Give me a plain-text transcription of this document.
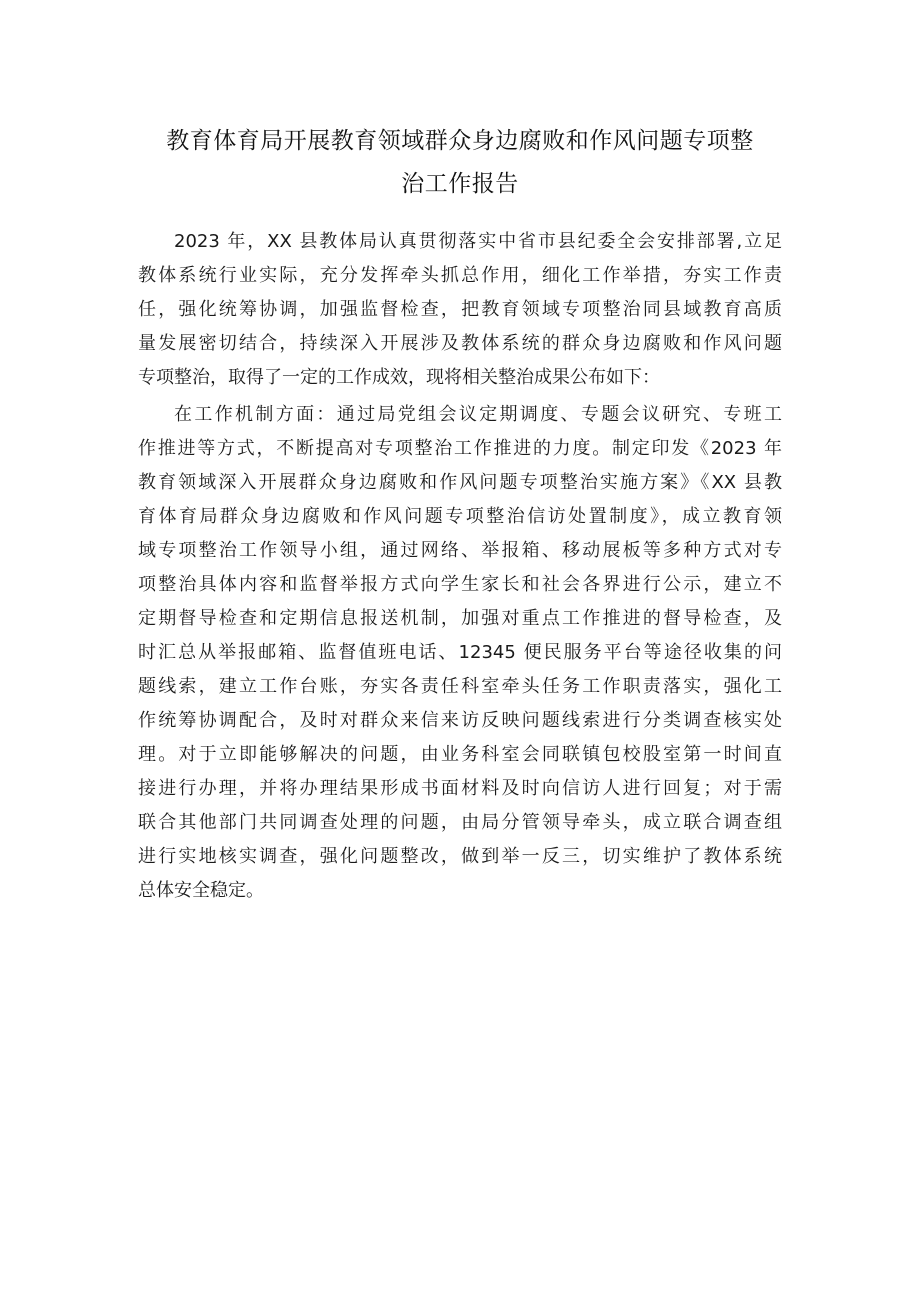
教育体育局开展教育领域群众身边腐败和作风问题专项整
治工作报告

2023 年，XX 县教体局认真贯彻落实中省市县纪委全会安排部署,立足
教体系统行业实际，充分发挥牵头抓总作用，细化工作举措，夯实工作责
任，强化统筹协调，加强监督检查，把教育领域专项整治同县域教育高质
量发展密切结合，持续深入开展涉及教体系统的群众身边腐败和作风问题
专项整治，取得了一定的工作成效，现将相关整治成果公布如下：

在工作机制方面：通过局党组会议定期调度、专题会议研究、专班工
作推进等方式，不断提高对专项整治工作推进的力度。制定印发《2023 年
教育领域深入开展群众身边腐败和作风问题专项整治实施方案》《XX 县教
育体育局群众身边腐败和作风问题专项整治信访处置制度》，成立教育领
域专项整治工作领导小组，通过网络、举报箱、移动展板等多种方式对专
项整治具体内容和监督举报方式向学生家长和社会各界进行公示，建立不
定期督导检查和定期信息报送机制，加强对重点工作推进的督导检查，及
时汇总从举报邮箱、监督值班电话、12345 便民服务平台等途径收集的问
题线索，建立工作台账，夯实各责任科室牵头任务工作职责落实，强化工
作统筹协调配合，及时对群众来信来访反映问题线索进行分类调查核实处
理。对于立即能够解决的问题，由业务科室会同联镇包校股室第一时间直
接进行办理，并将办理结果形成书面材料及时向信访人进行回复；对于需
联合其他部门共同调查处理的问题，由局分管领导牵头，成立联合调查组
进行实地核实调查，强化问题整改，做到举一反三，切实维护了教体系统
总体安全稳定。
